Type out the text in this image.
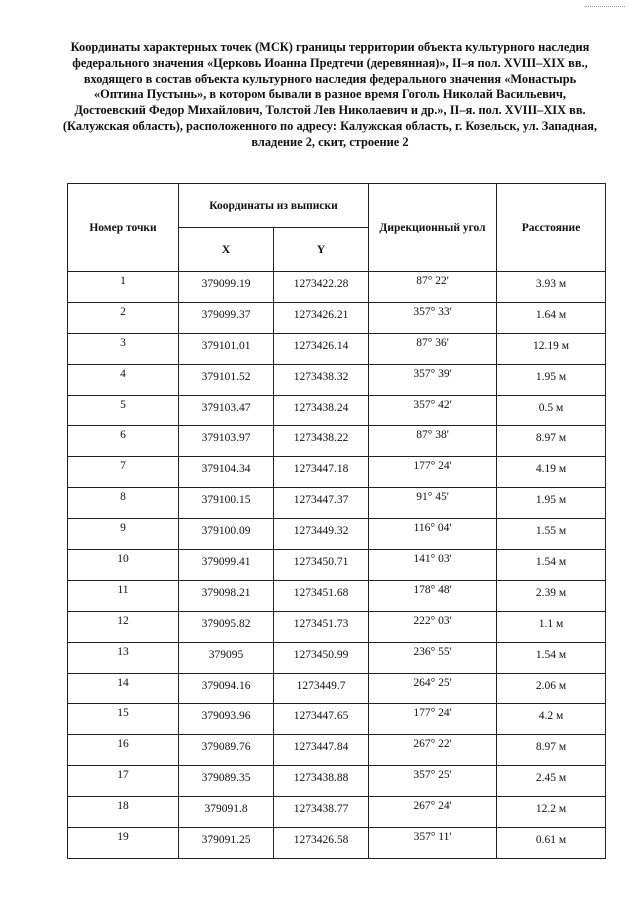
Координаты характерных точек (МСК) границы территории объекта культурного наследия федерального значения «Церковь Иоанна Предтечи (деревянная)», II–я пол. XVIII–XIX вв., входящего в состав объекта культурного наследия федерального значения «Монастырь «Оптина Пустынь», в котором бывали в разное время Гоголь Николай Васильевич, Достоевский Федор Михайлович, Толстой Лев Николаевич и др.», II–я. пол. XVIII–XIX вв. (Калужская область), расположенного по адресу: Калужская область, г. Козельск, ул. Западная, владение 2, скит, строение 2
Номер точки	Координаты из выписки		Дирекционный угол	Расстояние
	X	Y		
1	379099.19	1273422.28	87° 22'	3.93 м
2	379099.37	1273426.21	357° 33'	1.64 м
3	379101.01	1273426.14	87° 36'	12.19 м
4	379101.52	1273438.32	357° 39'	1.95 м
5	379103.47	1273438.24	357° 42'	0.5 м
6	379103.97	1273438.22	87° 38'	8.97 м
7	379104.34	1273447.18	177° 24'	4.19 м
8	379100.15	1273447.37	91° 45'	1.95 м
9	379100.09	1273449.32	116° 04'	1.55 м
10	379099.41	1273450.71	141° 03'	1.54 м
11	379098.21	1273451.68	178° 48'	2.39 м
12	379095.82	1273451.73	222° 03'	1.1 м
13	379095	1273450.99	236° 55'	1.54 м
14	379094.16	1273449.7	264° 25'	2.06 м
15	379093.96	1273447.65	177° 24'	4.2 м
16	379089.76	1273447.84	267° 22'	8.97 м
17	379089.35	1273438.88	357° 25'	2.45 м
18	379091.8	1273438.77	267° 24'	12.2 м
19	379091.25	1273426.58	357° 11'	0.61 м
